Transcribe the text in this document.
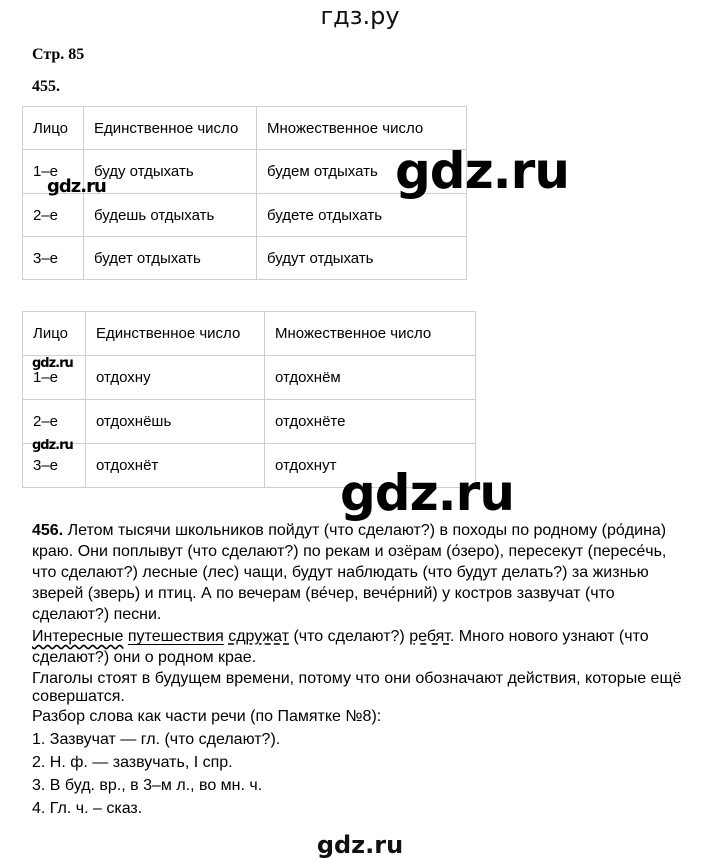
гдз.ру
Стр. 85
455.
Лицо	Единственное число	Множественное число
1–е	буду отдыхать	будем отдыхать
2–е	будешь отдыхать	будете отдыхать
3–е	будет отдыхать	будут отдыхать
Лицо	Единственное число	Множественное число
1–е	отдохну	отдохнём
2–е	отдохнёшь	отдохнёте
3–е	отдохнёт	отдохнут
gdz.ru	gdz.ru
gdz.ru
gdz.ru
gdz.ru
456. Летом тысячи школьников пойдут (что сделают?) в походы по родному (ро́дина)
краю. Они поплывут (что сделают?) по рекам и озёрам (о́зеро), пересекут (пересе́чь,
что сделают?) лесные (лес) чащи, будут наблюдать (что будут делать?) за жизнью
зверей (зверь) и птиц. А по вечерам (ве́чер, вече́рний) у костров зазвучат (что
сделают?) песни.
Интересные путешествия сдружат (что сделают?) ребят. Много нового узнают (что
сделают?) они о родном крае.
Глаголы стоят в будущем времени, потому что они обозначают действия, которые ещё
совершатся.
Разбор слова как части речи (по Памятке №8):
1. Зазвучат — гл. (что сделают?).
2. Н. ф. — зазвучать, I спр.
3. В буд. вр., в 3–м л., во мн. ч.
4. Гл. ч. – сказ.
gdz.ru
